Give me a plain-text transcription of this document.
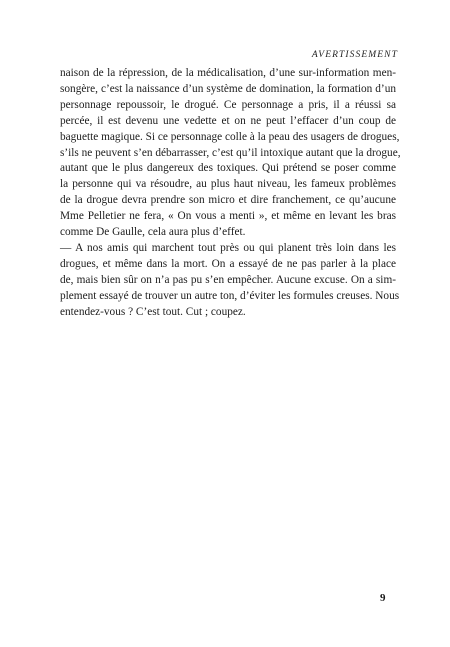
AVERTISSEMENT
naison de la répression, de la médicalisation, d’une sur-information men-
songère, c’est la naissance d’un système de domination, la formation d’un
personnage repoussoir, le drogué. Ce personnage a pris, il a réussi sa
percée, il est devenu une vedette et on ne peut l’effacer d’un coup de
baguette magique. Si ce personnage colle à la peau des usagers de drogues,
s’ils ne peuvent s’en débarrasser, c’est qu’il intoxique autant que la drogue,
autant que le plus dangereux des toxiques. Qui prétend se poser comme
la personne qui va résoudre, au plus haut niveau, les fameux problèmes
de la drogue devra prendre son micro et dire franchement, ce qu’aucune
Mme Pelletier ne fera, « On vous a menti », et même en levant les bras
comme De Gaulle, cela aura plus d’effet.
— A nos amis qui marchent tout près ou qui planent très loin dans les
drogues, et même dans la mort. On a essayé de ne pas parler à la place
de, mais bien sûr on n’a pas pu s’en empêcher. Aucune excuse. On a sim-
plement essayé de trouver un autre ton, d’éviter les formules creuses. Nous
entendez-vous ? C’est tout. Cut ; coupez.
9
